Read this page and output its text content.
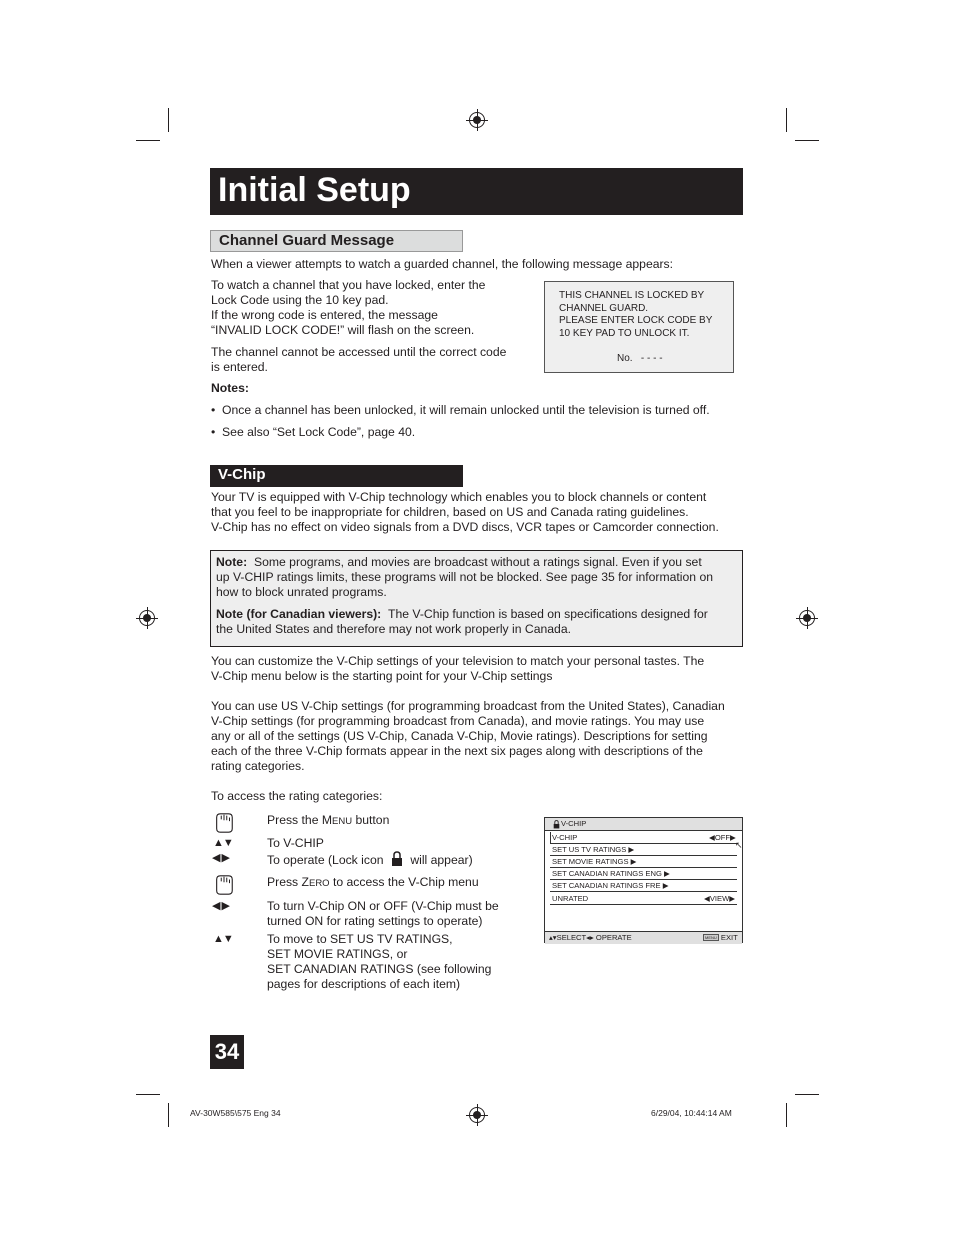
Initial Setup
Channel Guard Message
When a viewer attempts to watch a guarded channel, the following message appears:
To watch a channel that you have locked, enter the
Lock Code using the 10 key pad.
If the wrong code is entered, the message
“INVALID LOCK CODE!” will flash on the screen.
The channel cannot be accessed until the correct code
is entered.
THIS CHANNEL IS LOCKED BY
CHANNEL GUARD.
PLEASE ENTER LOCK CODE BY
10 KEY PAD TO UNLOCK IT.
No. - - - -
Notes:
•  Once a channel has been unlocked, it will remain unlocked until the television is turned off.
•  See also “Set Lock Code”, page 40.
V-Chip
Your TV is equipped with V-Chip technology which enables you to block channels or content
that you feel to be inappropriate for children, based on US and Canada rating guidelines.
V-Chip has no effect on video signals from a DVD discs, VCR tapes or Camcorder connection.
Note: Some programs, and movies are broadcast without a ratings signal. Even if you set
up V-CHIP ratings limits, these programs will not be blocked. See page 35 for information on
how to block unrated programs.
Note (for Canadian viewers): The V-Chip function is based on specifications designed for
the United States and therefore may not work properly in Canada.
You can customize the V-Chip settings of your television to match your personal tastes. The
V-Chip menu below is the starting point for your V-Chip settings
You can use US V-Chip settings (for programming broadcast from the United States), Canadian
V-Chip settings (for programming broadcast from Canada), and movie ratings. You may use
any or all of the settings (US V-Chip, Canada V-Chip, Movie ratings). Descriptions for setting
each of the three V-Chip formats appear in the next six pages along with descriptions of the
rating categories.
To access the rating categories:
Press the MENU button
▲▼	To V-CHIP
◀ ▶	To operate (Lock icon will appear)
Press ZERO to access the V-Chip menu
◀ ▶	To turn V-Chip ON or OFF (V-Chip must be
turned ON for rating settings to operate)
▲▼	To move to SET US TV RATINGS,
SET MOVIE RATINGS, or
SET CANADIAN RATINGS (see following
pages for descriptions of each item)
V-CHIP
V-CHIP	◀OFF▶
↖
SET US TV RATINGS ▶
SET MOVIE RATINGS ▶
SET CANADIAN RATINGS ENG ▶
SET CANADIAN RATINGS FRE ▶
UNRATED	◀VIEW▶
▴▾SELECT◂▸ OPERATE	MENU EXIT
34
AV-30W585\575 Eng 34	6/29/04, 10:44:14 AM
